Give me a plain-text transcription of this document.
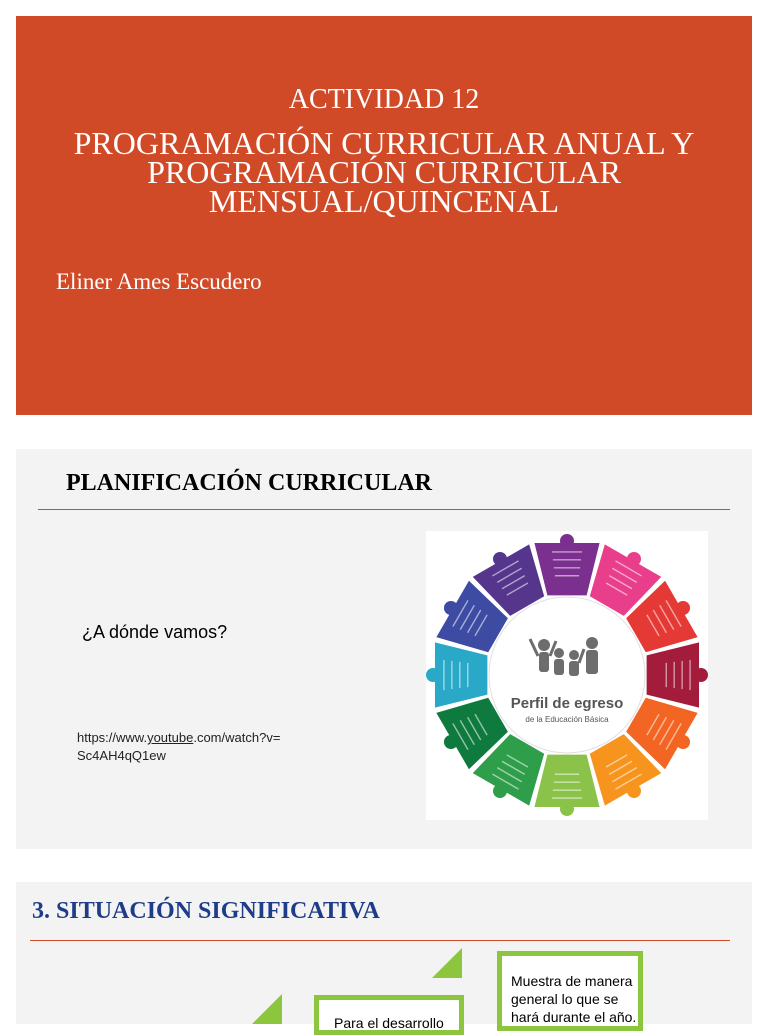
ACTIVIDAD 12
PROGRAMACIÓN CURRICULAR ANUAL Y
PROGRAMACIÓN CURRICULAR
MENSUAL/QUINCENAL
Eliner Ames Escudero
PLANIFICACIÓN CURRICULAR
¿A dónde vamos?
https://www.youtube.com/watch?v=Sc4AH4qQ1ew
Perfil de egreso
de la Educación Básica
3. SITUACIÓN SIGNIFICATIVA
Muestra de manera general lo que se hará durante el año.
Para el desarrollo
